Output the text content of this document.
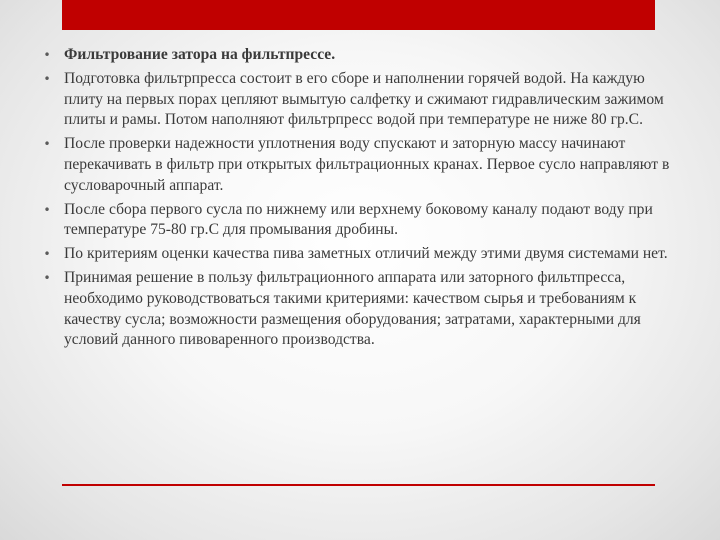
• Фильтрование затора на фильтпрессе.
• Подготовка фильтрпресса состоит в его сборе и наполнении горячей водой. На каждую плиту на первых порах цепляют вымытую салфетку и сжимают гидравлическим зажимом плиты и рамы. Потом наполняют фильтрпресс водой при температуре не ниже 80 гр.С.
• После проверки надежности уплотнения воду спускают и заторную массу начинают перекачивать в фильтр при открытых фильтрационных кранах. Первое сусло направляют в сусловарочный аппарат.
• После сбора первого сусла по нижнему или верхнему боковому каналу подают воду при температуре 75-80 гр.С для промывания дробины.
• По критериям оценки качества пива заметных отличий между этими двумя системами нет.
• Принимая решение в пользу фильтрационного аппарата или заторного фильтпресса, необходимо руководствоваться такими критериями: качеством сырья и требованиям к качеству сусла; возможности размещения оборудования; затратами, характерными для условий данного пивоваренного производства.
